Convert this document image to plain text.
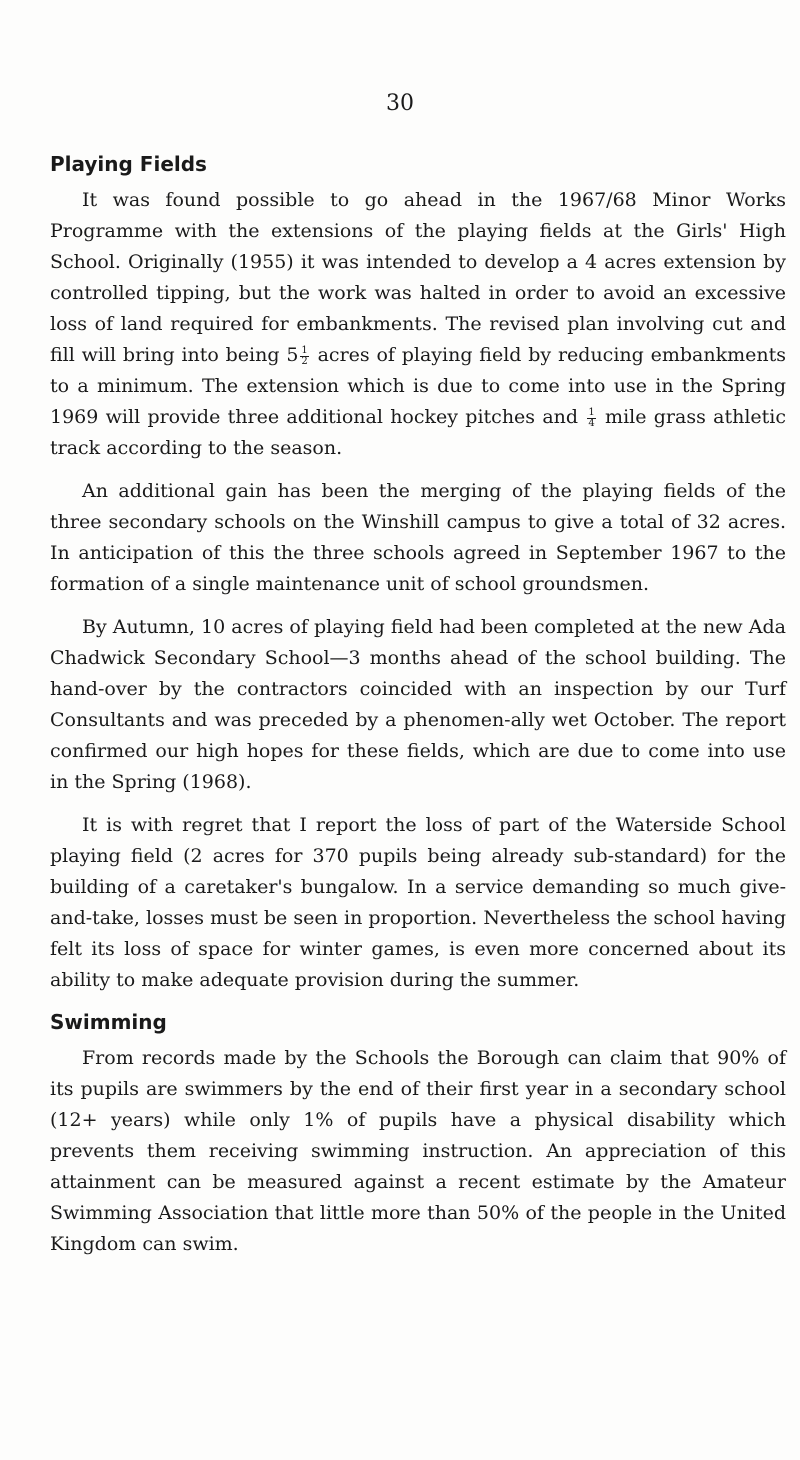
30
Playing Fields

It was found possible to go ahead in the 1967/68 Minor Works Programme with the extensions of the playing fields at the Girls' High School. Originally (1955) it was intended to develop a 4 acres extension by controlled tipping, but the work was halted in order to avoid an excessive loss of land required for embankments. The revised plan involving cut and fill will bring into being $5 \frac{1}{2}$ acres of playing field by reducing embankments to a minimum. The extension which is due to come into use in the Spring 1969 will provide three additional hockey pitches and $\frac{1}{4}$ mile grass athletic track according to the season.

An additional gain has been the merging of the playing fields of the three secondary schools on the Winshill campus to give a total of 32 acres. In anticipation of this the three schools agreed in September 1967 to the formation of a single maintenance unit of school groundsmen.

By Autumn, 10 acres of playing field had been completed at the new Ada Chadwick Secondary School—3 months ahead of the school building. The hand-over by the contractors coincided with an inspection by our Turf Consultants and was preceded by a phenomen-ally wet October. The report confirmed our high hopes for these fields, which are due to come into use in the Spring (1968).

It is with regret that I report the loss of part of the Waterside School playing field (2 acres for 370 pupils being already sub-standard) for the building of a caretaker's bungalow. In a service demanding so much give-and-take, losses must be seen in proportion. Nevertheless the school having felt its loss of space for winter games, is even more concerned about its ability to make adequate provision during the summer.

Swimming

From records made by the Schools the Borough can claim that 90% of its pupils are swimmers by the end of their first year in a secondary school (12+ years) while only 1% of pupils have a physical disability which prevents them receiving swimming instruction. An appreciation of this attainment can be measured against a recent estimate by the Amateur Swimming Association that little more than 50% of the people in the United Kingdom can swim.
